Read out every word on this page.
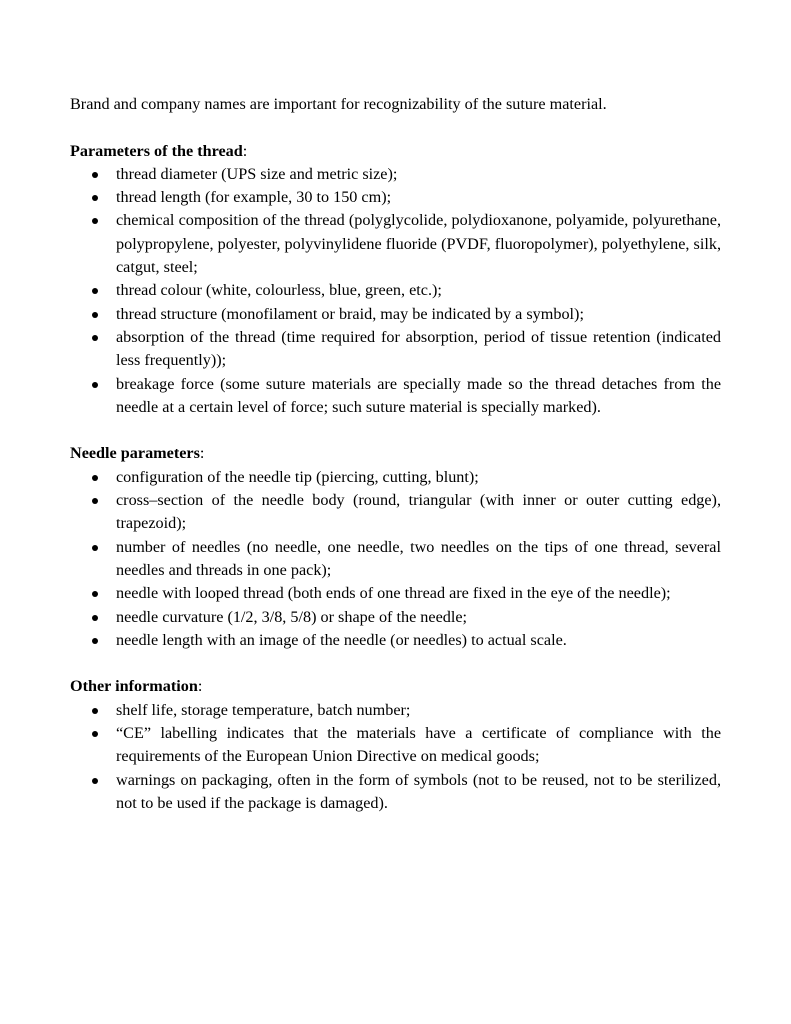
Brand and company names are important for recognizability of the suture material.

Parameters of the thread:

thread diameter (UPS size and metric size);
thread length (for example, 30 to 150 cm);
chemical composition of the thread (polyglycolide, polydioxanone, polyamide, polyurethane, polypropylene, polyester, polyvinylidene fluoride (PVDF, fluoropolymer), polyethylene, silk, catgut, steel;
thread colour (white, colourless, blue, green, etc.);
thread structure (monofilament or braid, may be indicated by a symbol);
absorption of the thread (time required for absorption, period of tissue retention (indicated less frequently));
breakage force (some suture materials are specially made so the thread detaches from the needle at a certain level of force; such suture material is specially marked).

Needle parameters:

configuration of the needle tip (piercing, cutting, blunt);
cross–section of the needle body (round, triangular (with inner or outer cutting edge), trapezoid);
number of needles (no needle, one needle, two needles on the tips of one thread, several needles and threads in one pack);
needle with looped thread (both ends of one thread are fixed in the eye of the needle);
needle curvature (1/2, 3/8, 5/8) or shape of the needle;
needle length with an image of the needle (or needles) to actual scale.

Other information:

shelf life, storage temperature, batch number;
“CE” labelling indicates that the materials have a certificate of compliance with the requirements of the European Union Directive on medical goods;
warnings on packaging, often in the form of symbols (not to be reused, not to be sterilized, not to be used if the package is damaged).
